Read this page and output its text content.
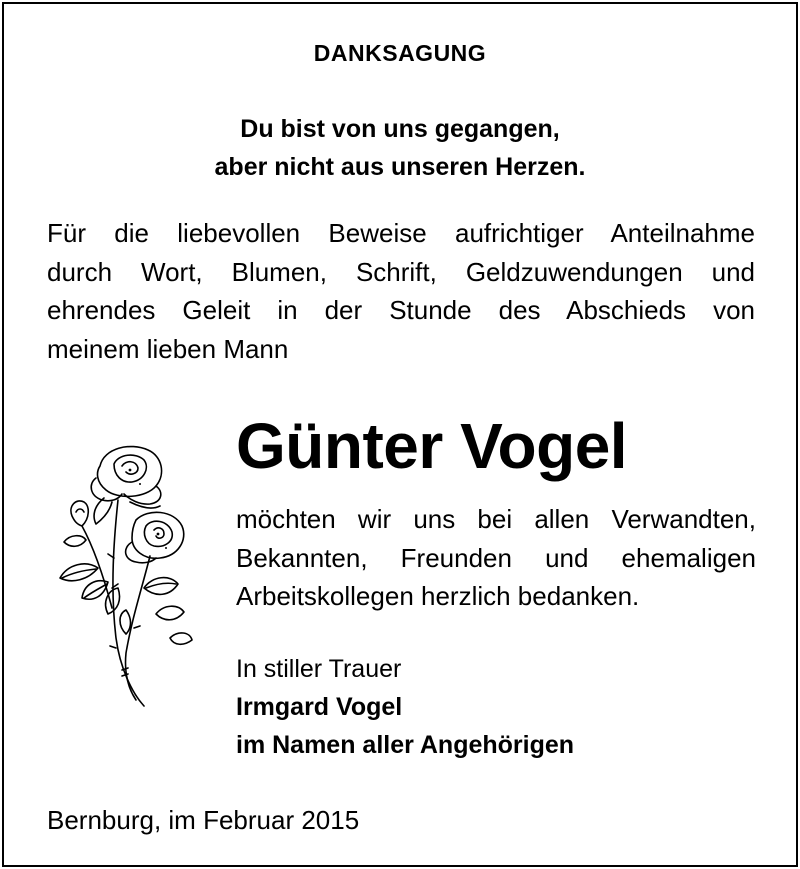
DANKSAGUNG
Du bist von uns gegangen,
aber nicht aus unseren Herzen.
Für die liebevollen Beweise aufrichtiger Anteilnahme
durch Wort, Blumen, Schrift, Geldzuwendungen und
ehrendes Geleit in der Stunde des Abschieds von
meinem lieben Mann
Günter Vogel
möchten wir uns bei allen Verwandten,
Bekannten, Freunden und ehemaligen
Arbeitskollegen herzlich bedanken.
In stiller Trauer
Irmgard Vogel
im Namen aller Angehörigen
Bernburg, im Februar 2015
